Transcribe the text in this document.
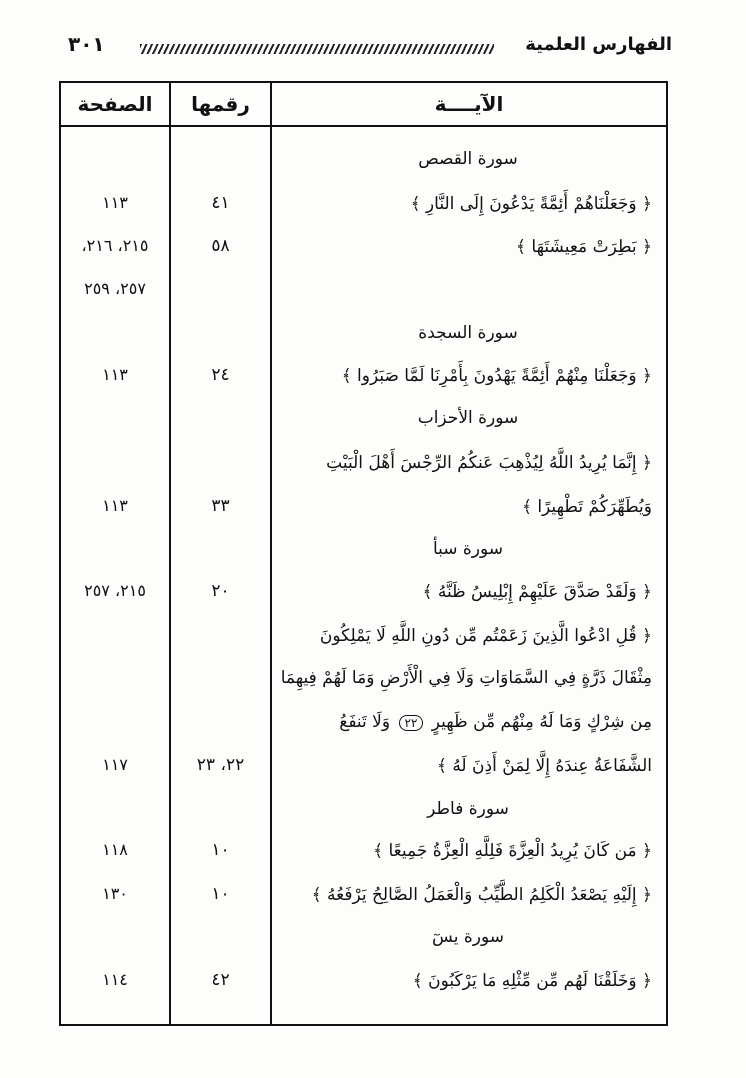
الفهارس العلمية
٣٠١
الآيــــة
رقمها
الصفحة
سورة القصص
﴿ وَجَعَلْنَاهُمْ أَئِمَّةً يَدْعُونَ إِلَى النَّارِ ﴾
٤١
١١٣
﴿ بَطِرَتْ مَعِيشَتَهَا ﴾
٥٨
٢١٥، ٢١٦،
٢٥٧، ٢٥٩
سورة السجدة
﴿ وَجَعَلْنَا مِنْهُمْ أَئِمَّةً يَهْدُونَ بِأَمْرِنَا لَمَّا صَبَرُوا ﴾
٢٤
١١٣
سورة الأحزاب
﴿ إِنَّمَا يُرِيدُ اللَّهُ لِيُذْهِبَ عَنكُمُ الرِّجْسَ أَهْلَ الْبَيْتِ
وَيُطَهِّرَكُمْ تَطْهِيرًا ﴾
٣٣
١١٣
سورة سبأ
﴿ وَلَقَدْ صَدَّقَ عَلَيْهِمْ إِبْلِيسُ ظَنَّهُ ﴾
٢٠
٢١٥، ٢٥٧
﴿ قُلِ ادْعُوا الَّذِينَ زَعَمْتُم مِّن دُونِ اللَّهِ لَا يَمْلِكُونَ
مِثْقَالَ ذَرَّةٍ فِي السَّمَاوَاتِ وَلَا فِي الْأَرْضِ وَمَا لَهُمْ فِيهِمَا
مِن شِرْكٍ وَمَا لَهُ مِنْهُم مِّن ظَهِيرٍ ٢٢ وَلَا تَنفَعُ
الشَّفَاعَةُ عِندَهُ إِلَّا لِمَنْ أَذِنَ لَهُ ﴾
٢٢، ٢٣
١١٧
سورة فاطر
﴿ مَن كَانَ يُرِيدُ الْعِزَّةَ فَلِلَّهِ الْعِزَّةُ جَمِيعًا ﴾
١٠
١١٨
﴿ إِلَيْهِ يَصْعَدُ الْكَلِمُ الطَّيِّبُ وَالْعَمَلُ الصَّالِحُ يَرْفَعُهُ ﴾
١٠
١٣٠
سورة يسٓ
﴿ وَخَلَقْنَا لَهُم مِّن مِّثْلِهِ مَا يَرْكَبُونَ ﴾
٤٢
١١٤
